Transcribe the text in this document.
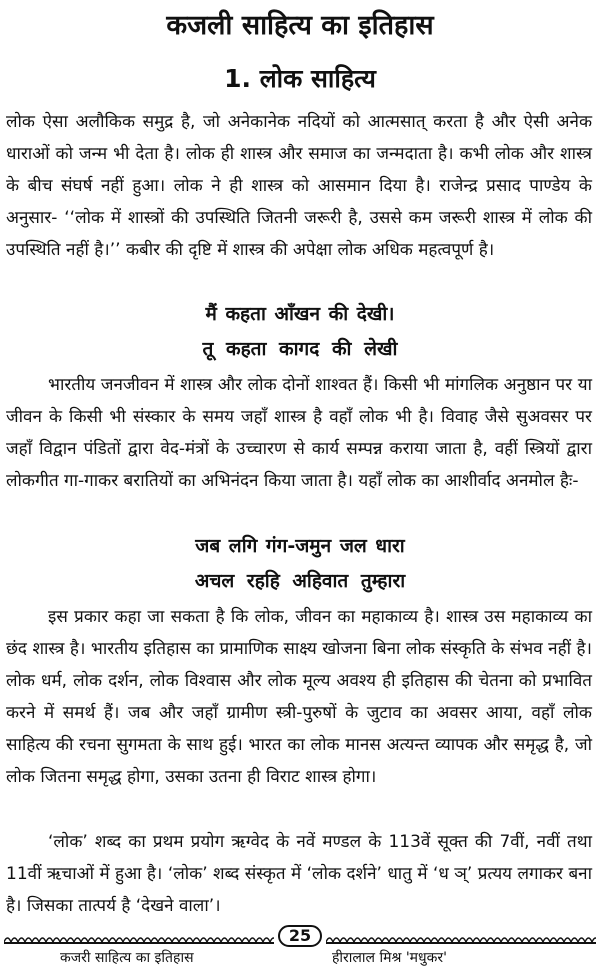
कजली साहित्य का इतिहास
1. लोक साहित्य

लोक ऐसा अलौकिक समुद्र है, जो अनेकानेक नदियों को आत्मसात् करता है और ऐसी अनेक धाराओं को जन्म भी देता है। लोक ही शास्त्र और समाज का जन्मदाता है। कभी लोक और शास्त्र के बीच संघर्ष नहीं हुआ। लोक ने ही शास्त्र को आसमान दिया है। राजेन्द्र प्रसाद पाण्डेय के अनुसार- ‘‘लोक में शास्त्रों की उपस्थिति जितनी जरूरी है, उससे कम जरूरी शास्त्र में लोक की उपस्थिति नहीं है।’’ कबीर की दृष्टि में शास्त्र की अपेक्षा लोक अधिक महत्वपूर्ण है।

मैं कहता आँखन की देखी।

तू कहता कागद की लेखी

भारतीय जनजीवन में शास्त्र और लोक दोनों शाश्वत हैं। किसी भी मांगलिक अनुष्ठान पर या जीवन के किसी भी संस्कार के समय जहाँ शास्त्र है वहाँ लोक भी है। विवाह जैसे सुअवसर पर जहाँ विद्वान पंडितों द्वारा वेद-मंत्रों के उच्चारण से कार्य सम्पन्न कराया जाता है, वहीं स्त्रियों द्वारा लोकगीत गा-गाकर बरातियों का अभिनंदन किया जाता है। यहाँ लोक का आशीर्वाद अनमोल हैः-

जब लगि गंग-जमुन जल धारा

अचल रहहि अहिवात तुम्हारा

इस प्रकार कहा जा सकता है कि लोक, जीवन का महाकाव्य है। शास्त्र उस महाकाव्य का छंद शास्त्र है। भारतीय इतिहास का प्रामाणिक साक्ष्य खोजना बिना लोक संस्कृति के संभव नहीं है। लोक धर्म, लोक दर्शन, लोक विश्वास और लोक मूल्य अवश्य ही इतिहास की चेतना को प्रभावित करने में समर्थ हैं। जब और जहाँ ग्रामीण स्त्री-पुरुषों के जुटाव का अवसर आया, वहाँ लोक साहित्य की रचना सुगमता के साथ हुई। भारत का लोक मानस अत्यन्त व्यापक और समृद्ध है, जो लोक जितना समृद्ध होगा, उसका उतना ही विराट शास्त्र होगा।

‘लोक’ शब्द का प्रथम प्रयोग ऋग्वेद के नवें मण्डल के 113वें सूक्त की 7वीं, नवीं तथा 11वीं ऋचाओं में हुआ है। ‘लोक’ शब्द संस्कृत में ‘लोक दर्शने’ धातु में ‘ध ञ्’ प्रत्यय लगाकर बना है। जिसका तात्पर्य है ‘देखने वाला’।

25
कजरी साहित्य का इतिहास	हीरालाल मिश्र 'मधुकर'
